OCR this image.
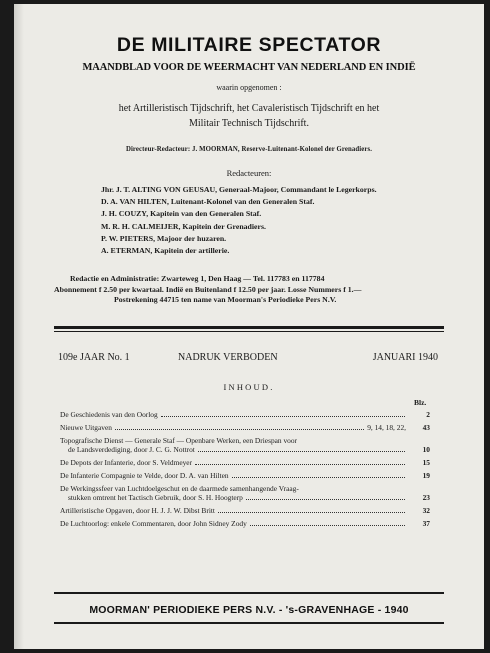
DE MILITAIRE SPECTATOR
MAANDBLAD VOOR DE WEERMACHT VAN NEDERLAND EN INDIË
waarin opgenomen :
het Artilleristisch Tijdschrift, het Cavaleristisch Tijdschrift en het
Militair Technisch Tijdschrift.
Directeur-Redacteur: J. MOORMAN, Reserve-Luitenant-Kolonel der Grenadiers.
Redacteuren:
Jhr. J. T. ALTING VON GEUSAU, Generaal-Majoor, Commandant le Legerkorps.
D. A. VAN HILTEN, Luitenant-Kolonel van den Generalen Staf.
J. H. COUZY, Kapitein van den Generalen Staf.
M. R. H. CALMEIJER, Kapitein der Grenadiers.
P. W. PIETERS, Majoor der huzaren.
A. ETERMAN, Kapitein der artillerie.
Redactie en Administratie: Zwarteweg 1, Den Haag — Tel. 117783 en 117784
Abonnement f 2.50 per kwartaal. Indië en Buitenland f 12.50 per jaar. Losse Nummers f 1.—
Postrekening 44715 ten name van Moorman's Periodieke Pers N.V.
109e JAAR No. 1	NADRUK VERBODEN	JANUARI 1940
INHOUD.
Blz.
De Geschiedenis van den Oorlog	2
Nieuwe Uitgaven	9, 14, 18, 22,	43
Topografische Dienst — Generale Staf — Openbare Werken, een Driespan voor
de Landsverdediging, door J. C. G. Nottrot	10
De Depots der Infanterie, door S. Veldmeyer	15
De Infanterie Compagnie te Velde, door D. A. van Hilten	19
De Werkingssfeer van Luchtdoelgeschut en de daarmede samenhangende Vraag-
stukken omtrent het Tactisch Gebruik, door S. H. Hoogterp	23
Artilleristische Opgaven, door H. J. J. W. Dibst Britt	32
De Luchtoorlog: enkele Commentaren, door John Sidney Zody	37
MOORMAN' PERIODIEKE PERS N.V. - 's-GRAVENHAGE - 1940
